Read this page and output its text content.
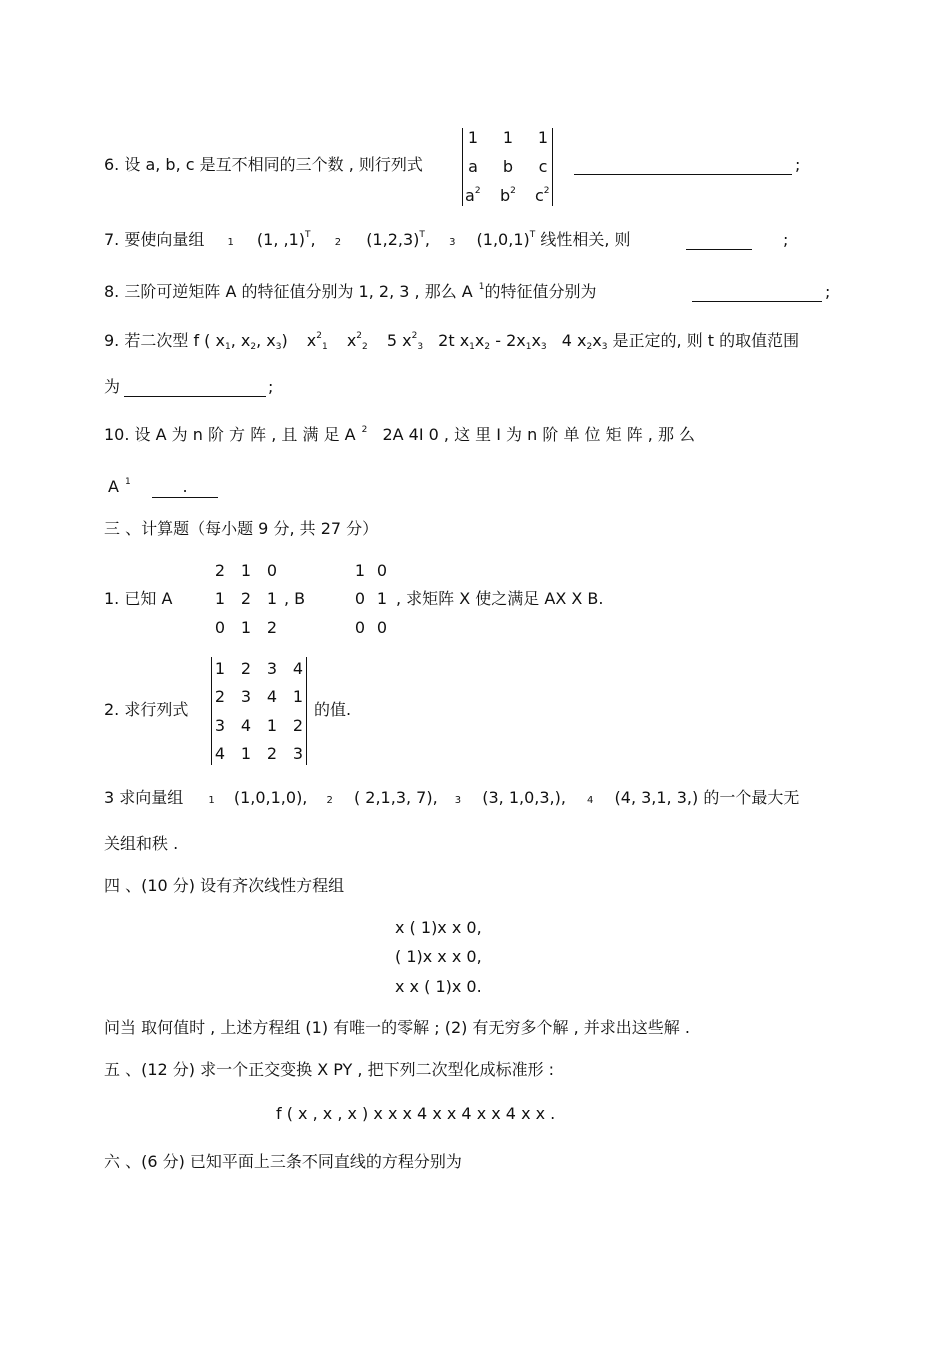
6. 设 a, b, c 是互不相同的三个数 , 则行列式
1 1 1
a b c
$a^2$ $b^2$ $c^2$
;
7. 要使向量组 1 (1, ,1)$^T$, 2 $(1,2,3)^T$, 3 $(1,0,1)^T$ 线性相关, 则	;
8. 三阶可逆矩阵 A 的特征值分别为 1, 2, 3 , 那么 A $^1$的特征值分别为	;
9. 若二次型 f ( x1, x2, x3) $x^21$ $x^22$ 5 $x^23$ 2t x1x2 - 2x1x3 4 x2x3 是正定的, 则 t 的取值范围
为	;
10. 设 A 为 n 阶 方 阵 , 且 满 足 A $^2$ 2A 4I 0 , 这 里 I 为 n 阶 单 位 矩 阵 , 那 么
A $^1$	.
三 、计算题（每小题 9 分, 共 27 分）
1. 已知 A
2 1 0
1 2 1
0 1 2
, B
1 0
0 1
0 0
, 求矩阵 X 使之满足 AX X B.
2. 求行列式
1 2 3 4
2 3 4 1
3 4 1 2
4 1 2 3
的值.
3 求向量组	1 (1,0,1,0), 2 ( 2,1,3, 7), 3 (3, 1,0,3,), 4 (4, 3,1, 3,) 的一个最大无
关组和秩 .
四 、(10 分) 设有齐次线性方程组
x ( 1)x x 0,
( 1)x x x 0,
x x ( 1)x 0.
问当 取何值时 , 上述方程组 (1) 有唯一的零解 ; (2) 有无穷多个解 , 并求出这些解 .
五 、(12 分) 求一个正交变换 X PY , 把下列二次型化成标准形 :
f ( x , x , x ) x x x 4 x x 4 x x 4 x x .
六 、(6 分) 已知平面上三条不同直线的方程分别为
